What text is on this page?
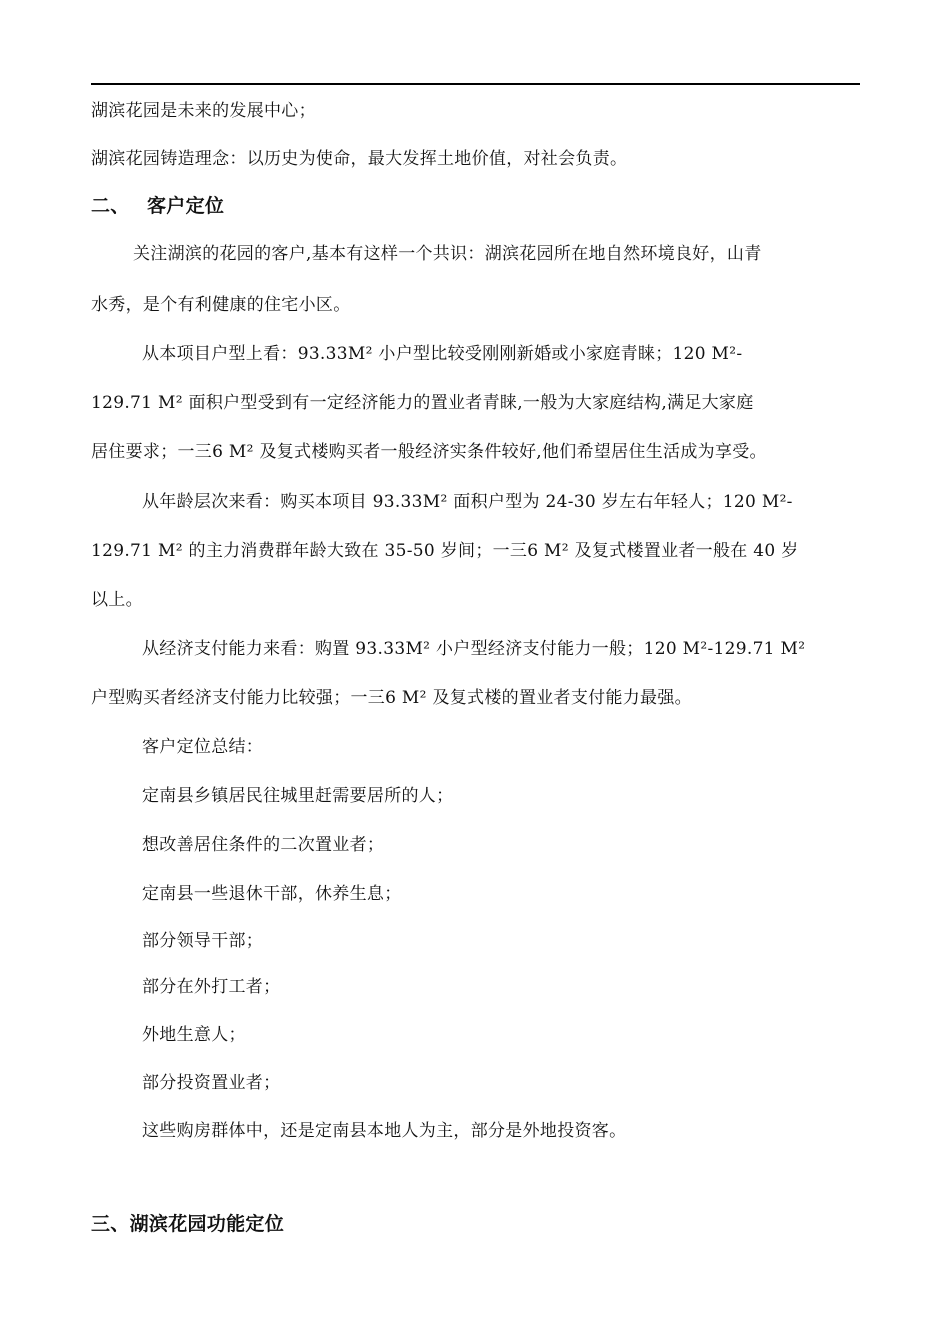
湖滨花园是未来的发展中心；
湖滨花园铸造理念：以历史为使命，最大发挥土地价值，对社会负责。
二、 客户定位
关注湖滨的花园的客户,基本有这样一个共识：湖滨花园所在地自然环境良好，山青
水秀，是个有利健康的住宅小区。
从本项目户型上看：93.33M² 小户型比较受刚刚新婚或小家庭青睐；120 M²-
129.71 M² 面积户型受到有一定经济能力的置业者青睐,一般为大家庭结构,满足大家庭
居住要求；一三6 M² 及复式楼购买者一般经济实条件较好,他们希望居住生活成为享受。
从年龄层次来看：购买本项目 93.33M² 面积户型为 24-30 岁左右年轻人；120 M²-
129.71 M² 的主力消费群年龄大致在 35-50 岁间；一三6 M² 及复式楼置业者一般在 40 岁
以上。
从经济支付能力来看：购置 93.33M² 小户型经济支付能力一般；120 M²-129.71 M²
户型购买者经济支付能力比较强；一三6 M² 及复式楼的置业者支付能力最强。
客户定位总结：
定南县乡镇居民往城里赶需要居所的人；
想改善居住条件的二次置业者；
定南县一些退休干部，休养生息；
部分领导干部；
部分在外打工者；
外地生意人；
部分投资置业者；
这些购房群体中，还是定南县本地人为主，部分是外地投资客。
三、湖滨花园功能定位
